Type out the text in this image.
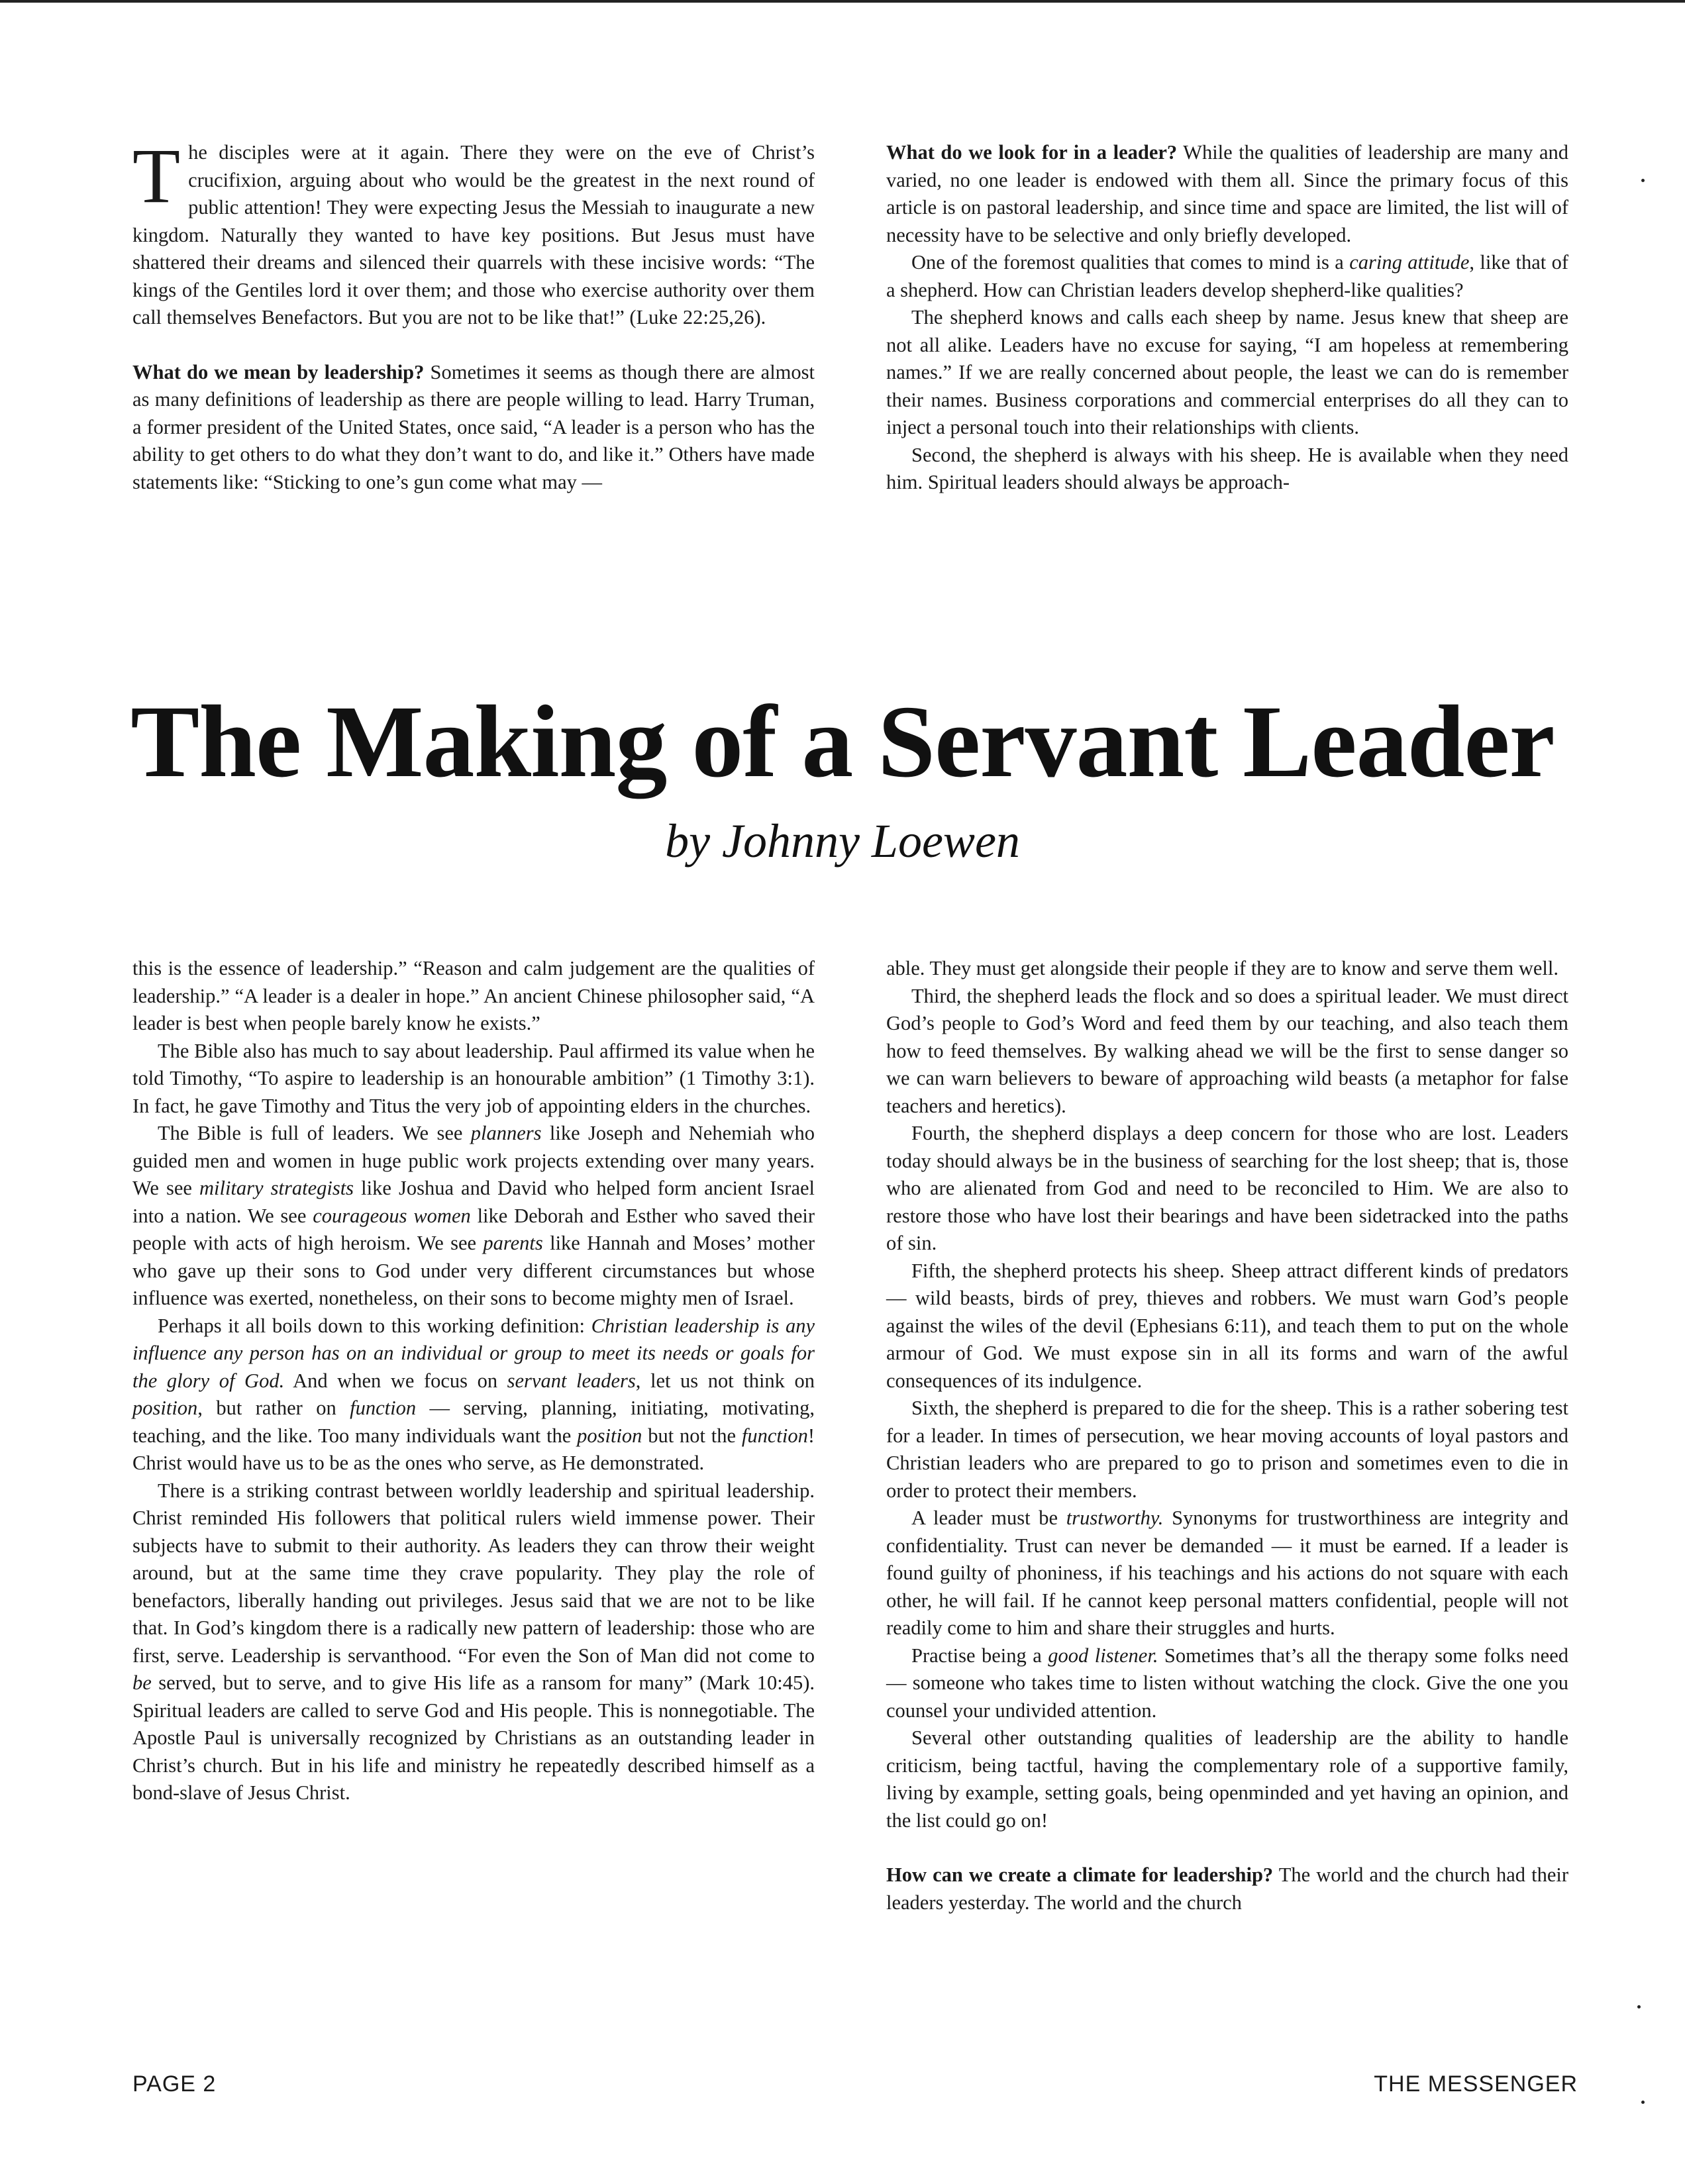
The disciples were at it again. There they were on the eve of Christ’s crucifixion, arguing about who would be the greatest in the next round of public attention! They were expecting Jesus the Messiah to inaugurate a new kingdom. Naturally they wanted to have key positions. But Jesus must have shattered their dreams and silenced their quarrels with these incisive words: “The kings of the Gentiles lord it over them; and those who exercise authority over them call themselves Benefactors. But you are not to be like that!” (Luke 22:25,26).

What do we mean by leadership? Sometimes it seems as though there are almost as many definitions of leadership as there are people willing to lead. Harry Truman, a former president of the United States, once said, “A leader is a person who has the ability to get others to do what they don’t want to do, and like it.” Others have made statements like: “Sticking to one’s gun come what may —

What do we look for in a leader? While the qualities of leadership are many and varied, no one leader is endowed with them all. Since the primary focus of this article is on pastoral leadership, and since time and space are limited, the list will of necessity have to be selective and only briefly developed.

One of the foremost qualities that comes to mind is a caring attitude, like that of a shepherd. How can Christian leaders develop shepherd-like qualities?

The shepherd knows and calls each sheep by name. Jesus knew that sheep are not all alike. Leaders have no excuse for saying, “I am hopeless at remembering names.” If we are really concerned about people, the least we can do is remember their names. Business corporations and commercial enterprises do all they can to inject a personal touch into their relationships with clients.

Second, the shepherd is always with his sheep. He is available when they need him. Spiritual leaders should always be approach-

The Making of a Servant Leader
by Johnny Loewen

this is the essence of leadership.” “Reason and calm judgement are the qualities of leadership.” “A leader is a dealer in hope.” An ancient Chinese philosopher said, “A leader is best when people barely know he exists.”

The Bible also has much to say about leadership. Paul affirmed its value when he told Timothy, “To aspire to leadership is an honourable ambition” (1 Timothy 3:1). In fact, he gave Timothy and Titus the very job of appointing elders in the churches.

The Bible is full of leaders. We see planners like Joseph and Nehemiah who guided men and women in huge public work projects extending over many years. We see military strategists like Joshua and David who helped form ancient Israel into a nation. We see courageous women like Deborah and Esther who saved their people with acts of high heroism. We see parents like Hannah and Moses’ mother who gave up their sons to God under very different circumstances but whose influence was exerted, nonetheless, on their sons to become mighty men of Israel.

Perhaps it all boils down to this working definition: Christian leadership is any influence any person has on an individual or group to meet its needs or goals for the glory of God. And when we focus on servant leaders, let us not think on position, but rather on function — serving, planning, initiating, motivating, teaching, and the like. Too many individuals want the position but not the function! Christ would have us to be as the ones who serve, as He demonstrated.

There is a striking contrast between worldly leadership and spiritual leadership. Christ reminded His followers that political rulers wield immense power. Their subjects have to submit to their authority. As leaders they can throw their weight around, but at the same time they crave popularity. They play the role of benefactors, liberally handing out privileges. Jesus said that we are not to be like that. In God’s kingdom there is a radically new pattern of leadership: those who are first, serve. Leadership is servanthood. “For even the Son of Man did not come to be served, but to serve, and to give His life as a ransom for many” (Mark 10:45). Spiritual leaders are called to serve God and His people. This is nonnegotiable. The Apostle Paul is universally recognized by Christians as an outstanding leader in Christ’s church. But in his life and ministry he repeatedly described himself as a bond-slave of Jesus Christ.

able. They must get alongside their people if they are to know and serve them well.

Third, the shepherd leads the flock and so does a spiritual leader. We must direct God’s people to God’s Word and feed them by our teaching, and also teach them how to feed themselves. By walking ahead we will be the first to sense danger so we can warn believers to beware of approaching wild beasts (a metaphor for false teachers and heretics).

Fourth, the shepherd displays a deep concern for those who are lost. Leaders today should always be in the business of searching for the lost sheep; that is, those who are alienated from God and need to be reconciled to Him. We are also to restore those who have lost their bearings and have been sidetracked into the paths of sin.

Fifth, the shepherd protects his sheep. Sheep attract different kinds of predators — wild beasts, birds of prey, thieves and robbers. We must warn God’s people against the wiles of the devil (Ephesians 6:11), and teach them to put on the whole armour of God. We must expose sin in all its forms and warn of the awful consequences of its indulgence.

Sixth, the shepherd is prepared to die for the sheep. This is a rather sobering test for a leader. In times of persecution, we hear moving accounts of loyal pastors and Christian leaders who are prepared to go to prison and sometimes even to die in order to protect their members.

A leader must be trustworthy. Synonyms for trustworthiness are integrity and confidentiality. Trust can never be demanded — it must be earned. If a leader is found guilty of phoniness, if his teachings and his actions do not square with each other, he will fail. If he cannot keep personal matters confidential, people will not readily come to him and share their struggles and hurts.

Practise being a good listener. Sometimes that’s all the therapy some folks need — someone who takes time to listen without watching the clock. Give the one you counsel your undivided attention.

Several other outstanding qualities of leadership are the ability to handle criticism, being tactful, having the complementary role of a supportive family, living by example, setting goals, being openminded and yet having an opinion, and the list could go on!

How can we create a climate for leadership? The world and the church had their leaders yesterday. The world and the church

PAGE 2	THE MESSENGER
